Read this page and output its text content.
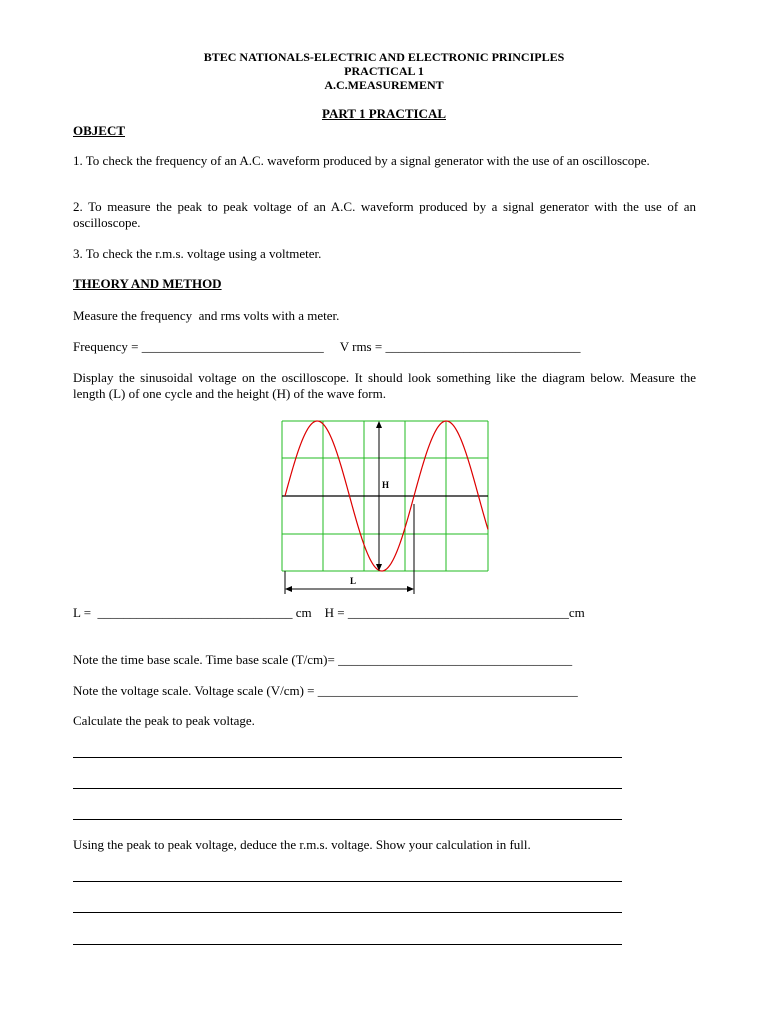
BTEC NATIONALS-ELECTRIC AND ELECTRONIC PRINCIPLES
PRACTICAL 1
A.C.MEASUREMENT
PART 1 PRACTICAL
OBJECT
1. To check the frequency of an A.C. waveform produced by a signal generator with the use of an oscilloscope.
2. To measure the peak to peak voltage of an A.C. waveform produced by a signal generator with the use of an oscilloscope.
3. To check the r.m.s. voltage using a voltmeter.
THEORY AND METHOD
Measure the frequency  and rms volts with a meter.
Frequency = ____________________________     V rms = ______________________________
Display the sinusoidal voltage on the oscilloscope. It should look something like the diagram below. Measure the length (L) of one cycle and the height (H) of the wave form.
H
L
L =  ______________________________ cm    H = __________________________________cm
Note the time base scale. Time base scale (T/cm)= ____________________________________
Note the voltage scale. Voltage scale (V/cm) = ________________________________________
Calculate the peak to peak voltage.
Using the peak to peak voltage, deduce the r.m.s. voltage. Show your calculation in full.
